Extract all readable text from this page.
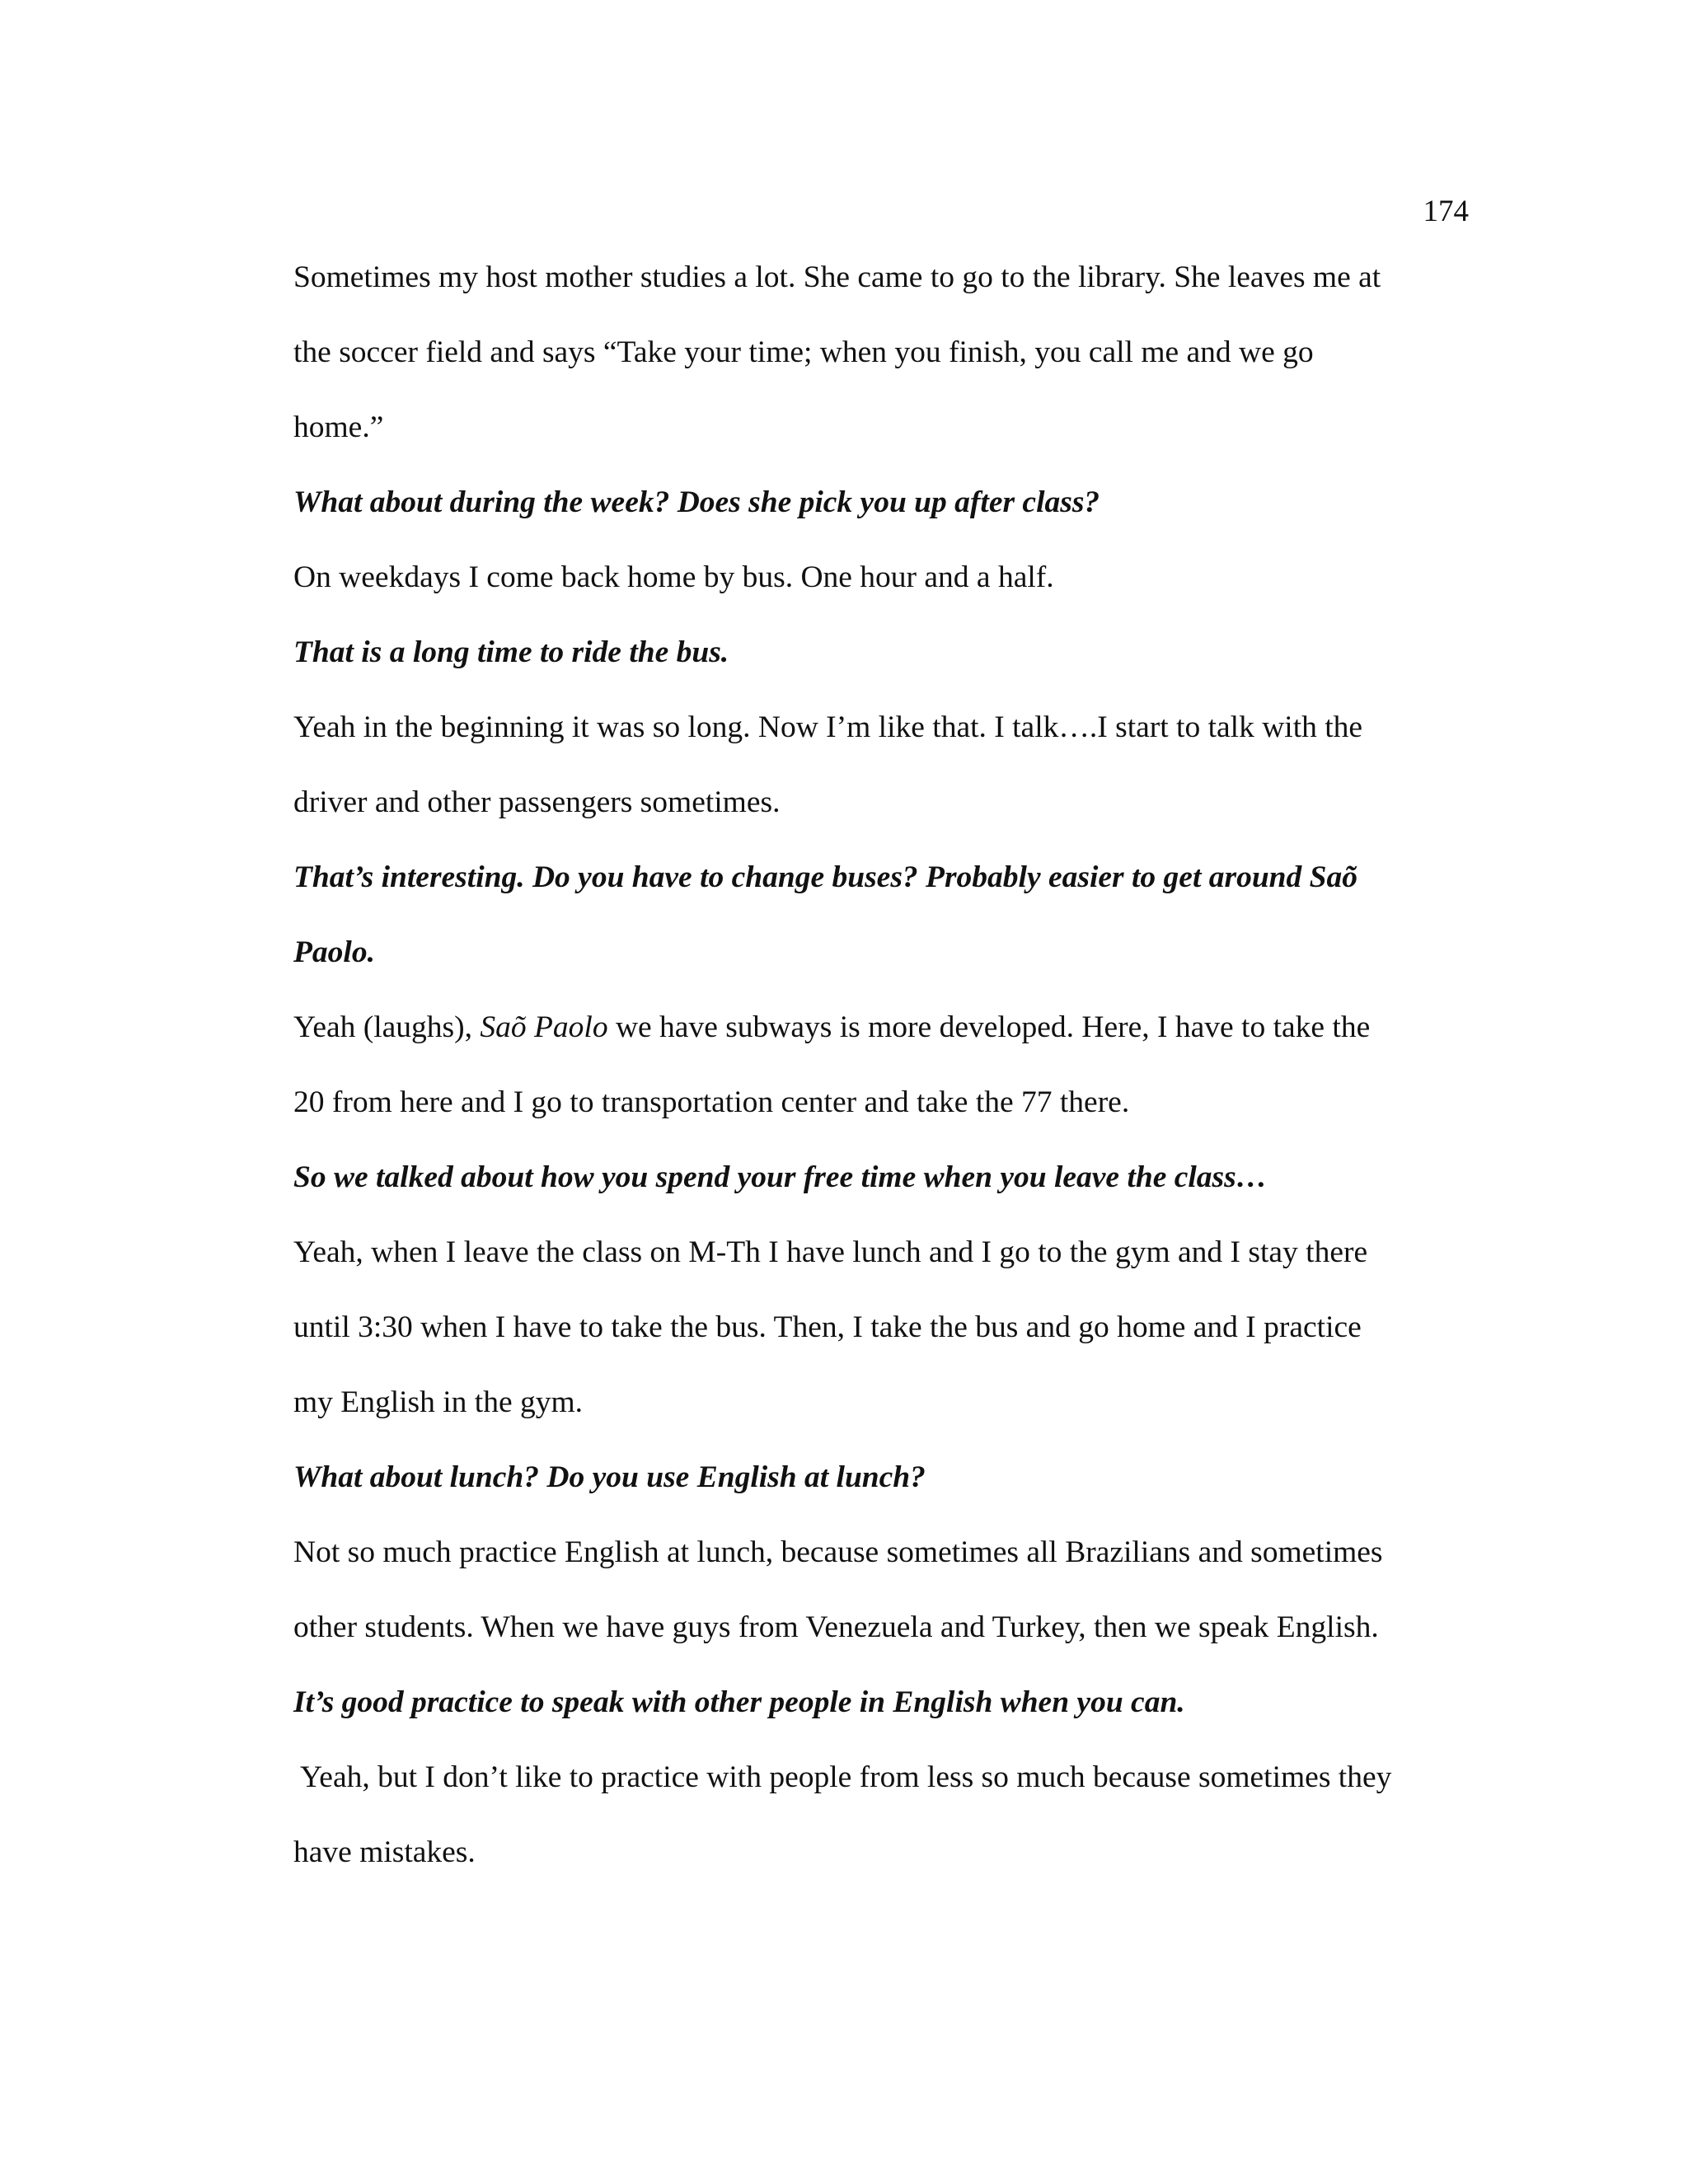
174
Sometimes my host mother studies a lot. She came to go to the library. She leaves me at
the soccer field and says “Take your time; when you finish, you call me and we go
home.”
What about during the week? Does she pick you up after class?
On weekdays I come back home by bus. One hour and a half.
That is a long time to ride the bus.
Yeah in the beginning it was so long. Now I’m like that. I talk….I start to talk with the
driver and other passengers sometimes.
That’s interesting. Do you have to change buses? Probably easier to get around Saõ
Paolo.
Yeah (laughs), Saõ Paolo we have subways is more developed. Here, I have to take the
20 from here and I go to transportation center and take the 77 there.
So we talked about how you spend your free time when you leave the class…
Yeah, when I leave the class on M-Th I have lunch and I go to the gym and I stay there
until 3:30 when I have to take the bus. Then, I take the bus and go home and I practice
my English in the gym.
What about lunch? Do you use English at lunch?
Not so much practice English at lunch, because sometimes all Brazilians and sometimes
other students. When we have guys from Venezuela and Turkey, then we speak English.
It’s good practice to speak with other people in English when you can.
Yeah, but I don’t like to practice with people from less so much because sometimes they
have mistakes.
